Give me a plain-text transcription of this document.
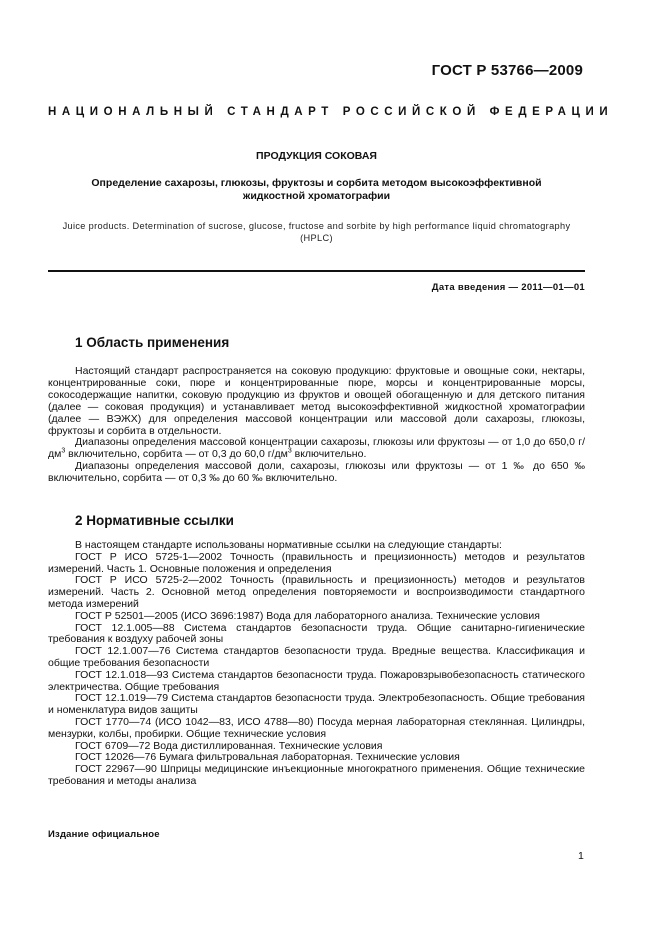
ГОСТ Р 53766—2009
НАЦИОНАЛЬНЫЙ СТАНДАРТ РОССИЙСКОЙ ФЕДЕРАЦИИ
ПРОДУКЦИЯ СОКОВАЯ
Определение сахарозы, глюкозы, фруктозы и сорбита методом высокоэффективной
жидкостной хроматографии
Juice products. Determination of sucrose, glucose, fructose and sorbite by high performance liquid chromatography
(HPLC)
Дата введения — 2011—01—01
1 Область применения

Настоящий стандарт распространяется на соковую продукцию: фруктовые и овощные соки, нектары, концентрированные соки, пюре и концентрированные пюре, морсы и концентрированные морсы, сокосодержащие напитки, соковую продукцию из фруктов и овощей обогащенную и для детского питания (далее — соковая продукция) и устанавливает метод высокоэффективной жидкостной хроматографии (далее — ВЭЖХ) для определения массовой концентрации или массовой доли сахарозы, глюкозы, фруктозы и сорбита в отдельности.

Диапазоны определения массовой концентрации сахарозы, глюкозы или фруктозы — от 1,0 до 650,0 $г/дм^3$ включительно, сорбита — от 0,3 до 60,0 $г/дм^3$ включительно.

Диапазоны определения массовой доли, сахарозы, глюкозы или фруктозы — от 1 ‰ до 650 ‰ включительно, сорбита — от 0,3 ‰ до 60 ‰ включительно.

2 Нормативные ссылки

В настоящем стандарте использованы нормативные ссылки на следующие стандарты:

ГОСТ Р ИСО 5725-1—2002 Точность (правильность и прецизионность) методов и результатов измерений. Часть 1. Основные положения и определения

ГОСТ Р ИСО 5725-2—2002 Точность (правильность и прецизионность) методов и результатов измерений. Часть 2. Основной метод определения повторяемости и воспроизводимости стандартного метода измерений

ГОСТ Р 52501—2005 (ИСО 3696:1987) Вода для лабораторного анализа. Технические условия

ГОСТ 12.1.005—88 Система стандартов безопасности труда. Общие санитарно-гигиенические требования к воздуху рабочей зоны

ГОСТ 12.1.007—76 Система стандартов безопасности труда. Вредные вещества. Классификация и общие требования безопасности

ГОСТ 12.1.018—93 Система стандартов безопасности труда. Пожаровзрывобезопасность статического электричества. Общие требования

ГОСТ 12.1.019—79 Система стандартов безопасности труда. Электробезопасность. Общие требования и номенклатура видов защиты

ГОСТ 1770—74 (ИСО 1042—83, ИСО 4788—80) Посуда мерная лабораторная стеклянная. Цилиндры, мензурки, колбы, пробирки. Общие технические условия

ГОСТ 6709—72 Вода дистиллированная. Технические условия

ГОСТ 12026—76 Бумага фильтровальная лабораторная. Технические условия

ГОСТ 22967—90 Шприцы медицинские инъекционные многократного применения. Общие технические требования и методы анализа

Издание официальное
1
